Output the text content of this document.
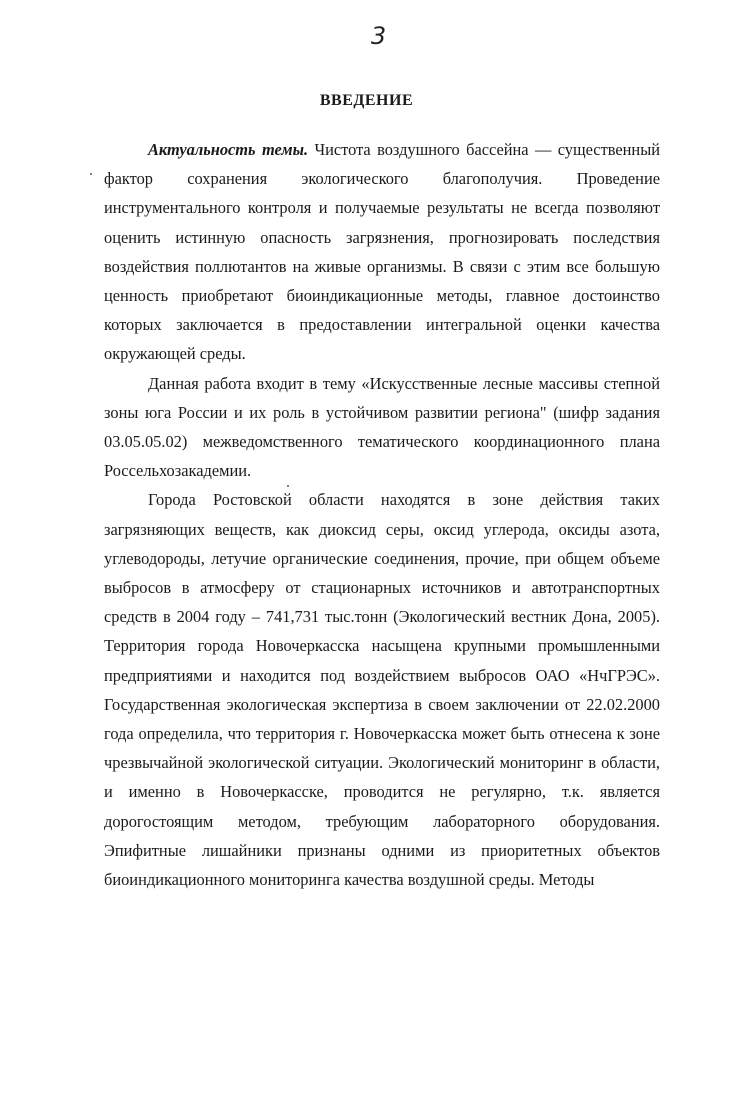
3
ВВЕДЕНИЕ

Актуальность темы. Чистота воздушного бассейна — существенный фактор сохранения экологического благополучия. Проведение инструментального контроля и получаемые результаты не всегда позволяют оценить истинную опасность загрязнения, прогнозировать последствия воздействия поллютантов на живые организмы. В связи с этим все большую ценность приобретают биоиндикационные методы, главное достоинство которых заключается в предоставлении интегральной оценки качества окружающей среды.

Данная работа входит в тему «Искусственные лесные массивы степной зоны юга России и их роль в устойчивом развитии региона" (шифр задания 03.05.05.02) межведомственного тематического координационного плана Россельхозакадемии.

Города Ростовской области находятся в зоне действия таких загрязняющих веществ, как диоксид серы, оксид углерода, оксиды азота, углеводороды, летучие органические соединения, прочие, при общем объеме выбросов в атмосферу от стационарных источников и автотранспортных средств в 2004 году – 741,731 тыс.тонн (Экологический вестник Дона, 2005). Территория города Новочеркасска насыщена крупными промышленными предприятиями и находится под воздействием выбросов ОАО «НчГРЭС». Государственная экологическая экспертиза в своем заключении от 22.02.2000 года определила, что территория г. Новочеркасска может быть отнесена к зоне чрезвычайной экологической ситуации. Экологический мониторинг в области, и именно в Новочеркасске, проводится не регулярно, т.к. является дорогостоящим методом, требующим лабораторного оборудования. Эпифитные лишайники признаны одними из приоритетных объектов биоиндикационного мониторинга качества воздушной среды. Методы
